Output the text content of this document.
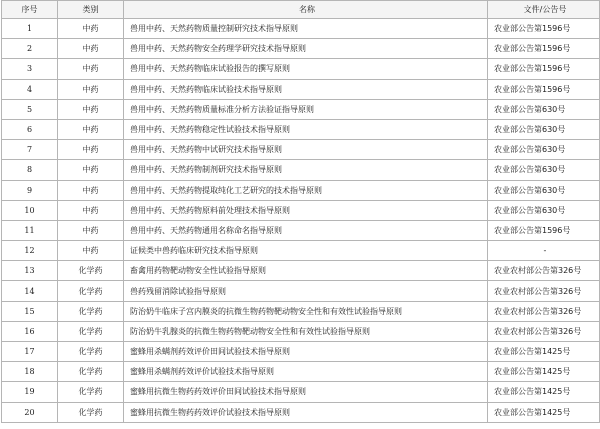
序号	类别	名称	文件/公告号
1	中药	兽用中药、天然药物质量控制研究技术指导原则	农业部公告第1596号
2	中药	兽用中药、天然药物安全药理学研究技术指导原则	农业部公告第1596号
3	中药	兽用中药、天然药物临床试验报告的撰写原则	农业部公告第1596号
4	中药	兽用中药、天然药物临床试验技术指导原则	农业部公告第1596号
5	中药	兽用中药、天然药物质量标准分析方法验证指导原则	农业部公告第630号
6	中药	兽用中药、天然药物稳定性试验技术指导原则	农业部公告第630号
7	中药	兽用中药、天然药物中试研究技术指导原则	农业部公告第630号
8	中药	兽用中药、天然药物制剂研究技术指导原则	农业部公告第630号
9	中药	兽用中药、天然药物提取纯化工艺研究的技术指导原则	农业部公告第630号
10	中药	兽用中药、天然药物原料前处理技术指导原则	农业部公告第630号
11	中药	兽用中药、天然药物通用名称命名指导原则	农业部公告第1596号
12	中药	证候类中兽药临床研究技术指导原则	-
13	化学药	畜禽用药物靶动物安全性试验指导原则	农业农村部公告第326号
14	化学药	兽药残留消除试验指导原则	农业农村部公告第326号
15	化学药	防治奶牛临床子宫内膜炎的抗微生物药物靶动物安全性和有效性试验指导原则	农业农村部公告第326号
16	化学药	防治奶牛乳腺炎的抗微生物药物靶动物安全性和有效性试验指导原则	农业农村部公告第326号
17	化学药	蜜蜂用杀螨剂药效评价田间试验技术指导原则	农业部公告第1425号
18	化学药	蜜蜂用杀螨剂药效评价试验技术指导原则	农业部公告第1425号
19	化学药	蜜蜂用抗微生物药药效评价田间试验技术指导原则	农业部公告第1425号
20	化学药	蜜蜂用抗微生物药药效评价试验技术指导原则	农业部公告第1425号
